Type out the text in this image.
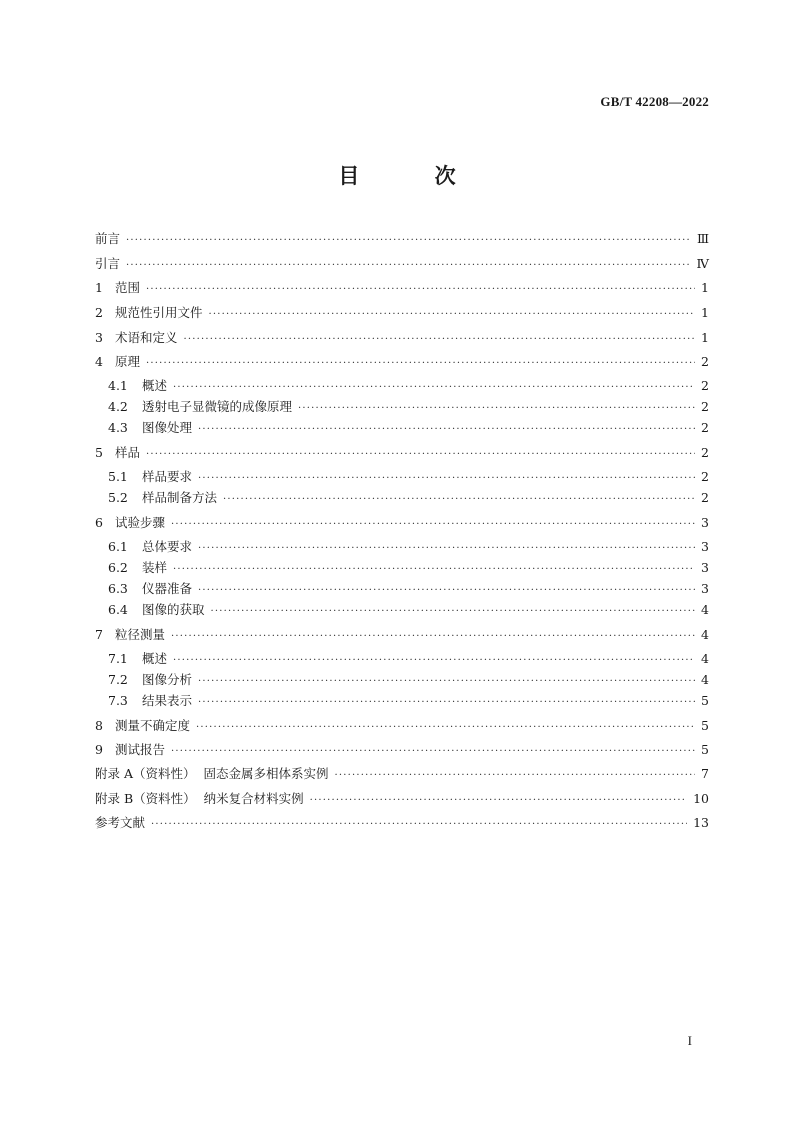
GB/T 42208—2022
目 次
前言 ·····	Ⅲ
引言 ·····	Ⅳ
1 范围 ·····	1
2 规范性引用文件 ·····	1
3 术语和定义 ·····	1
4 原理 ·····	2
4.1 概述 ·····	2
4.2 透射电子显微镜的成像原理 ·····	2
4.3 图像处理 ·····	2
5 样品 ·····	2
5.1 样品要求 ·····	2
5.2 样品制备方法 ·····	2
6 试验步骤 ·····	3
6.1 总体要求 ·····	3
6.2 装样 ·····	3
6.3 仪器准备 ·····	3
6.4 图像的获取 ·····	4
7 粒径测量 ·····	4
7.1 概述 ·····	4
7.2 图像分析 ·····	4
7.3 结果表示 ·····	5
8 测量不确定度 ·····	5
9 测试报告 ·····	5
附录 A（资料性）  固态金属多相体系实例 ·····	7
附录 B（资料性）  纳米复合材料实例 ·····	10
参考文献 ·····	13
I
